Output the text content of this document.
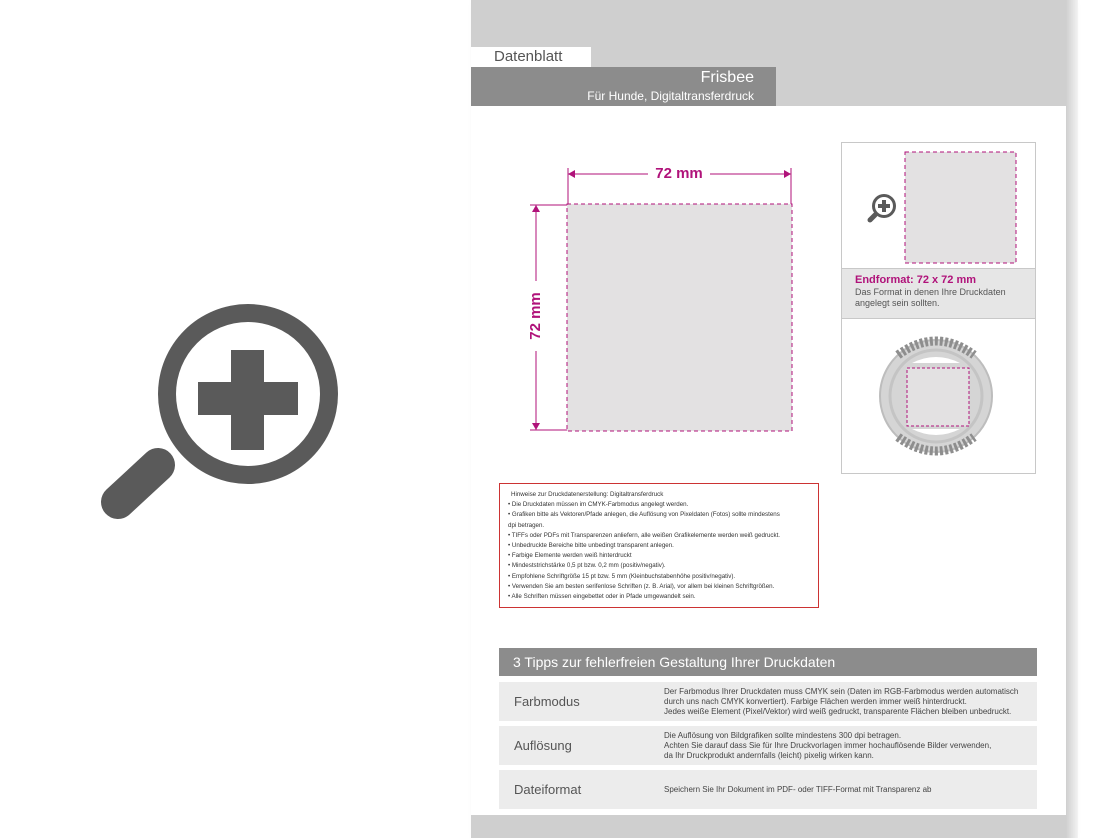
Datenblatt
Frisbee
Für Hunde, Digitaltransferdruck
72 mm
72 mm
Endformat: 72 x 72 mm
Das Format in denen Ihre Druckdaten angelegt sein sollten.
Hinweise zur Druckdatenerstellung: Digitaltransferdruck
• Die Druckdaten müssen im CMYK-Farbmodus angelegt werden.
• Grafiken bitte als Vektoren/Pfade anlegen, die Auflösung von Pixeldaten (Fotos) sollte mindestens
dpi betragen.
• TIFFs oder PDFs mit Transparenzen anliefern, alle weißen Grafikelemente werden weiß gedruckt.
• Unbedruckte Bereiche bitte unbedingt transparent anlegen.
• Farbige Elemente werden weiß hinterdruckt
• Mindeststrichstärke 0,5 pt bzw. 0,2 mm (positiv/negativ).
• Empfohlene Schriftgröße 15 pt bzw. 5 mm (Kleinbuchstabenhöhe positiv/negativ).
• Verwenden Sie am besten serifenlose Schriften (z. B. Arial), vor allem bei kleinen Schriftgrößen.
• Alle Schriften müssen eingebettet oder in Pfade umgewandelt sein.
3 Tipps zur fehlerfreien Gestaltung Ihrer Druckdaten
Farbmodus
Der Farbmodus Ihrer Druckdaten muss CMYK sein (Daten im RGB-Farbmodus werden automatisch
durch uns nach CMYK konvertiert). Farbige Flächen werden immer weiß hinterdruckt.
Jedes weiße Element (Pixel/Vektor) wird weiß gedruckt, transparente Flächen bleiben unbedruckt.
Auflösung
Die Auflösung von Bildgrafiken sollte mindestens 300 dpi betragen.
Achten Sie darauf dass Sie für Ihre Druckvorlagen immer hochauflösende Bilder verwenden,
da Ihr Druckprodukt andernfalls (leicht) pixelig wirken kann.
Dateiformat	Speichern Sie Ihr Dokument im PDF- oder TIFF-Format mit Transparenz ab
